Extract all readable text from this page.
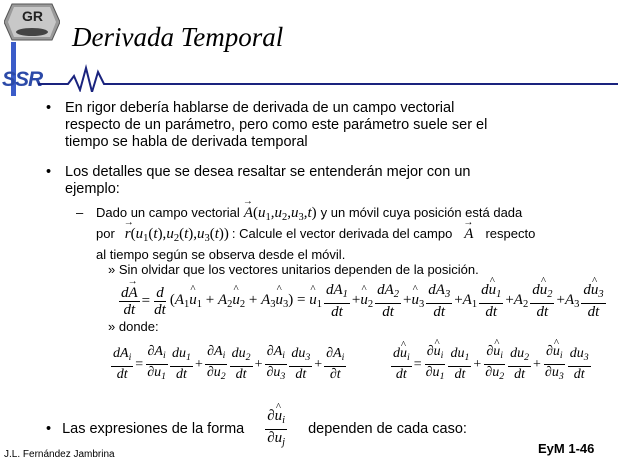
GR
SSR
Derivada Temporal
• En rigor debería hablarse de derivada de un campo vectorial
respecto de un parámetro, pero como este parámetro suele ser el
tiempo se habla de derivada temporal
• Los detalles que se desea resaltar se entenderán mejor con un
ejemplo:
– Dado un campo vectorial → $A(u_1,u_2,u_3,t)$ y un móvil cuya posición está dada
por → $r(u_1(t),u_2(t),u_3(t))$ : Calcule el vector derivada del campo → A respecto
al tiempo según se observa desde el móvil.
» Sin olvidar que los vectores unitarios dependen de la posición.
$\frac{d\to A}{dt} = \frac{d}{dt}$ ($A_1\^{}$ $u_1$ + $A_2\^{}$ $u_2$ + $A_3\^{}$ $u_3$) = ^ $u_1 \frac{dA_1}{dt}$ +^ $u_2 \frac{dA_2}{dt}$ +^ $u_3 \frac{dA_3}{dt} +A_1 \frac{d\^{} u_1}{dt} +A_2 \frac{d\^{} u_2}{dt} +A_3 \frac{d\^{} u_3}{dt}$
» donde:
$\frac{dA_i}{dt} = \frac{\partial A_i}{\partial u_1} \frac{du_1}{dt} + \frac{\partial A_i}{\partial u_2} \frac{du_2}{dt} + \frac{\partial A_i}{\partial u_3} \frac{du_3}{dt} + \frac{\partial A_i}{\partial t}$	$\frac{d\^{} u_i}{dt} = \frac{\partial\^{} u_i}{\partial u_1} \frac{du_1}{dt} + \frac{\partial\^{} u_i}{\partial u_2} \frac{du_2}{dt} + \frac{\partial\^{} u_i}{\partial u_3} \frac{du_3}{dt}$
• Las expresiones de la forma $\frac{\partial\^{} u_i}{\partial u_j}$ dependen de cada caso:
J.L. Fernández Jambrina	EyM 1-46
